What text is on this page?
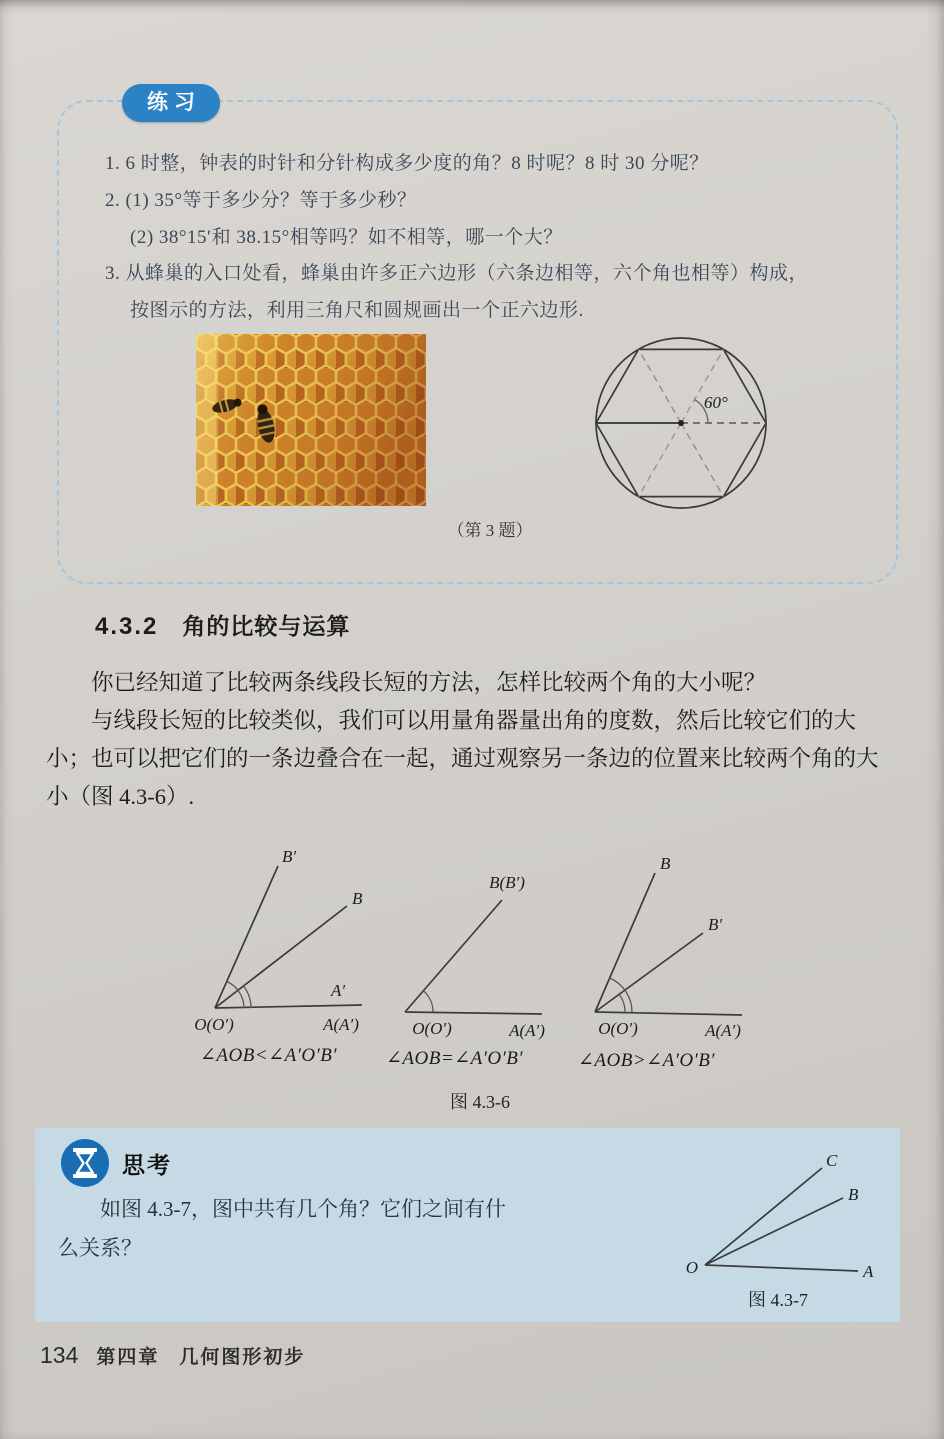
练习
1. 6 时整，钟表的时针和分针构成多少度的角？8 时呢？8 时 30 分呢？
2. (1) 35°等于多少分？等于多少秒？
(2) 38°15′和 38.15°相等吗？如不相等，哪一个大？
3. 从蜂巢的入口处看，蜂巢由许多正六边形（六条边相等，六个角也相等）构成，
按图示的方法，利用三角尺和圆规画出一个正六边形.
60°
（第 3 题）
4.3.2 角的比较与运算

你已经知道了比较两条线段长短的方法，怎样比较两个角的大小呢？

与线段长短的比较类似，我们可以用量角器量出角的度数，然后比较它们的大小；也可以把它们的一条边叠合在一起，通过观察另一条边的位置来比较两个角的大小（图 4.3-6）.

B′
B
A′
A(A′)
O(O′)
∠AOB<∠A′O′B′
B(B′)
O(O′)	A(A′)
∠AOB=∠A′O′B′
B
B′
O(O′)	A(A′)
∠AOB>∠A′O′B′
图 4.3-6
思考
如图 4.3-7，图中共有几个角？它们之间有什么关系？
O	A
B
C
图 4.3-7
134 第四章 几何图形初步
